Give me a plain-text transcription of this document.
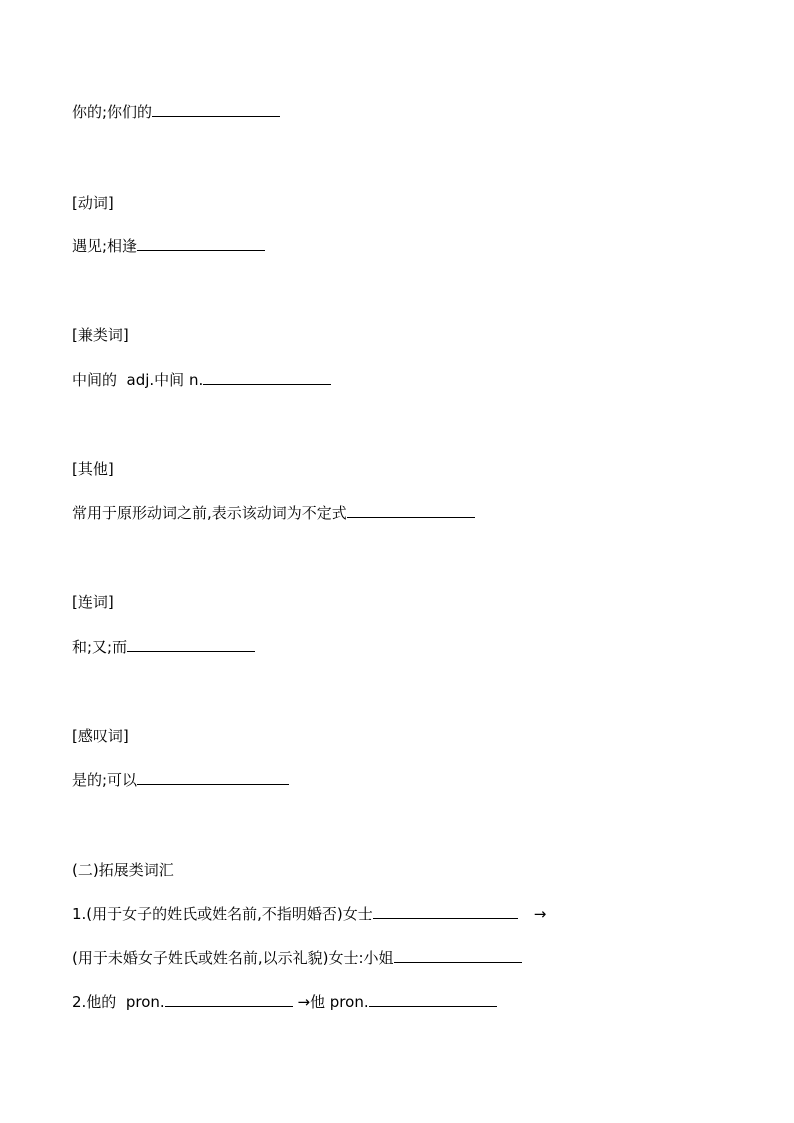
你的;你们的
[动词]
遇见;相逢
[兼类词]
中间的  adj.中间 n.
[其他]
常用于原形动词之前,表示该动词为不定式
[连词]
和;又;而
[感叹词]
是的;可以
(二)拓展类词汇
1.(用于女子的姓氏或姓名前,不指明婚否)女士	→
(用于未婚女子姓氏或姓名前,以示礼貌)女士:小姐
2.他的  pron.	→他 pron.
